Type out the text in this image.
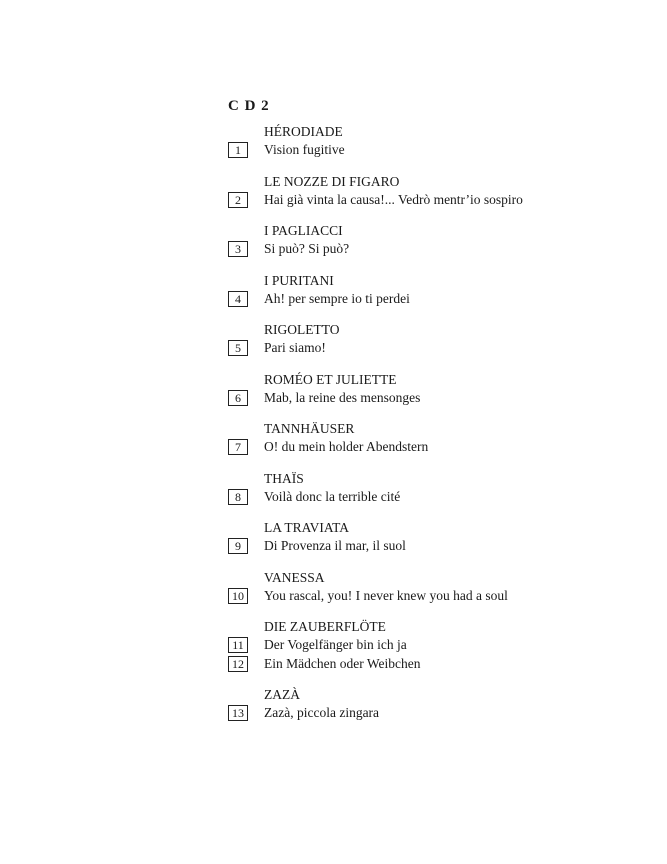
C D 2
HÉRODIADE
1	Vision fugitive
LE NOZZE DI FIGARO
2	Hai già vinta la causa!... Vedrò mentr’io sospiro
I PAGLIACCI
3	Si può? Si può?
I PURITANI
4	Ah! per sempre io ti perdei
RIGOLETTO
5	Pari siamo!
ROMÉO ET JULIETTE
6	Mab, la reine des mensonges
TANNHÄUSER
7	O! du mein holder Abendstern
THAÏS
8	Voilà donc la terrible cité
LA TRAVIATA
9	Di Provenza il mar, il suol
VANESSA
10 You rascal, you! I never knew you had a soul
DIE ZAUBERFLÖTE
11	Der Vogelfänger bin ich ja
12 Ein Mädchen oder Weibchen
ZAZÀ
13 Zazà, piccola zingara
